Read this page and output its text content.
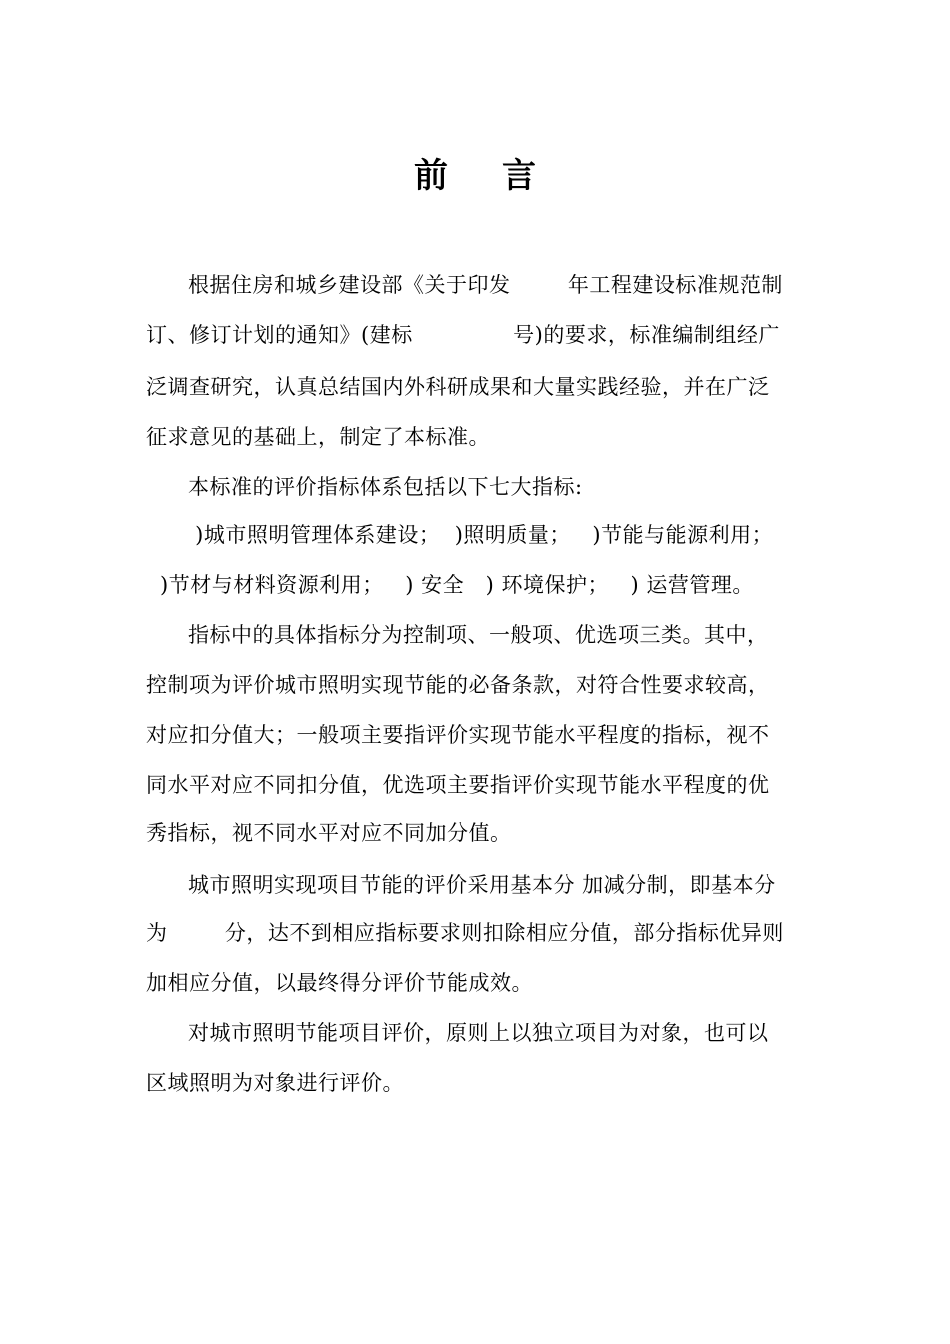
前 言
根据住房和城乡建设部《关于印发        年工程建设标准规范制
订、修订计划的通知》(建标              号)的要求，标准编制组经广
泛调查研究，认真总结国内外科研成果和大量实践经验，并在广泛
征求意见的基础上，制定了本标准。
本标准的评价指标体系包括以下七大指标:
)城市照明管理体系建设；  )照明质量；   )节能与能源利用；
)节材与材料资源利用；   ) 安全   ) 环境保护；   ) 运营管理。
指标中的具体指标分为控制项、一般项、优选项三类。其中，
控制项为评价城市照明实现节能的必备条款，对符合性要求较高，
对应扣分值大；一般项主要指评价实现节能水平程度的指标，视不
同水平对应不同扣分值，优选项主要指评价实现节能水平程度的优
秀指标，视不同水平对应不同加分值。
城市照明实现项目节能的评价采用基本分 加减分制，即基本分
为        分，达不到相应指标要求则扣除相应分值，部分指标优异则
加相应分值，以最终得分评价节能成效。
对城市照明节能项目评价，原则上以独立项目为对象，也可以
区域照明为对象进行评价。
